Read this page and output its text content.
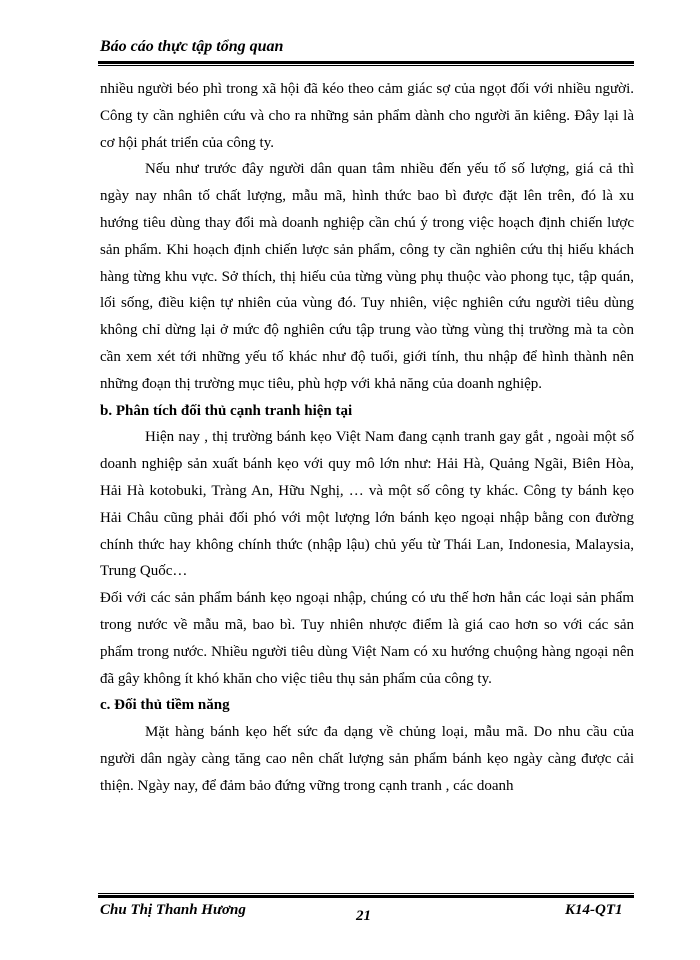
Báo cáo thực tập tổng quan

nhiều người béo phì trong xã hội đã kéo theo cảm giác sợ của ngọt đối với nhiều người. Công ty cần nghiên cứu và cho ra những sản phẩm dành cho người ăn kiêng. Đây lại là cơ hội phát triển của công ty.

Nếu như trước đây người dân quan tâm nhiều đến yếu tố số lượng, giá cả thì ngày nay nhân tố chất lượng, mẫu mã, hình thức bao bì được đặt lên trên, đó là xu hướng tiêu dùng thay đổi mà doanh nghiệp cần chú ý trong việc hoạch định chiến lược sản phẩm. Khi hoạch định chiến lược sản phẩm, công ty cần nghiên cứu thị hiếu khách hàng từng khu vực. Sở thích, thị hiếu của từng vùng phụ thuộc vào phong tục, tập quán, lối sống, điều kiện tự nhiên của vùng đó. Tuy nhiên, việc nghiên cứu người tiêu dùng không chỉ dừng lại ở mức độ nghiên cứu tập trung vào từng vùng thị trường mà ta còn cần xem xét tới những yếu tố khác như độ tuổi, giới tính, thu nhập để hình thành nên những đoạn thị trường mục tiêu, phù hợp với khả năng của doanh nghiệp.

b. Phân tích đối thủ cạnh tranh hiện tại

Hiện nay , thị trường bánh kẹo Việt Nam đang cạnh tranh gay gắt , ngoài một số doanh nghiệp sản xuất bánh kẹo với quy mô lớn như: Hải Hà, Quảng Ngãi, Biên Hòa, Hải Hà kotobuki, Tràng An, Hữu Nghị, … và một số công ty khác. Công ty bánh kẹo Hải Châu cũng phải đối phó với một lượng lớn bánh kẹo ngoại nhập bằng con đường chính thức hay không chính thức (nhập lậu) chủ yếu từ Thái Lan, Indonesia, Malaysia, Trung Quốc…

Đối với các sản phẩm bánh kẹo ngoại nhập, chúng có ưu thế hơn hẳn các loại sản phẩm trong nước về mẫu mã, bao bì. Tuy nhiên nhược điểm là giá cao hơn so với các sản phẩm trong nước. Nhiều người tiêu dùng Việt Nam có xu hướng chuộng hàng ngoại nên đã gây không ít khó khăn cho việc tiêu thụ sản phẩm của công ty.

c. Đối thủ tiềm năng

Mặt hàng bánh kẹo hết sức đa dạng về chủng loại, mẫu mã. Do nhu cầu của người dân ngày càng tăng cao nên chất lượng sản phẩm bánh kẹo ngày càng được cải thiện. Ngày nay, để đảm bảo đứng vững trong cạnh tranh , các doanh

Chu Thị Thanh Hương	21	K14-QT1
